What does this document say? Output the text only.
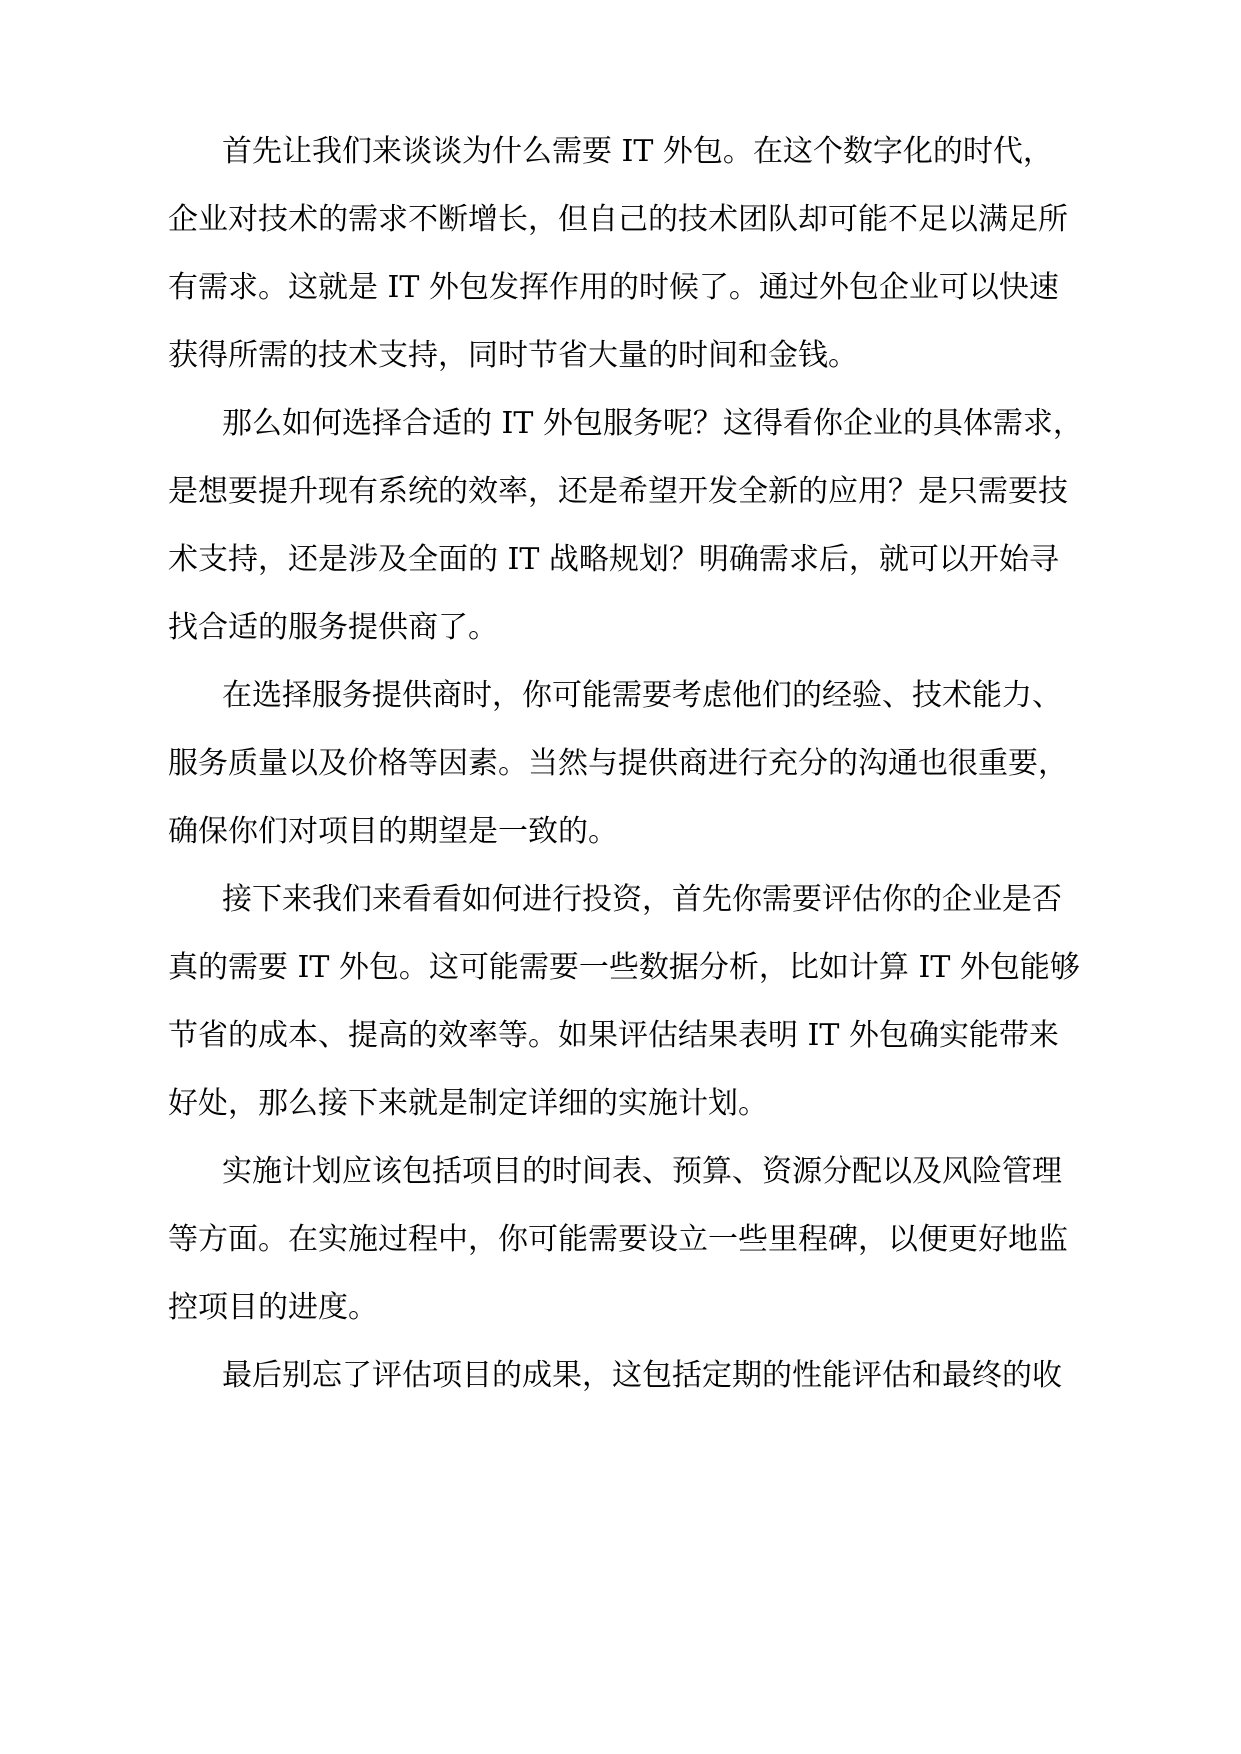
首先让我们来谈谈为什么需要 IT 外包。在这个数字化的时代，
企业对技术的需求不断增长，但自己的技术团队却可能不足以满足所
有需求。这就是 IT 外包发挥作用的时候了。通过外包企业可以快速
获得所需的技术支持，同时节省大量的时间和金钱。
那么如何选择合适的 IT 外包服务呢？这得看你企业的具体需求，
是想要提升现有系统的效率，还是希望开发全新的应用？是只需要技
术支持，还是涉及全面的 IT 战略规划？明确需求后，就可以开始寻
找合适的服务提供商了。
在选择服务提供商时，你可能需要考虑他们的经验、技术能力、
服务质量以及价格等因素。当然与提供商进行充分的沟通也很重要，
确保你们对项目的期望是一致的。
接下来我们来看看如何进行投资，首先你需要评估你的企业是否
真的需要 IT 外包。这可能需要一些数据分析，比如计算 IT 外包能够
节省的成本、提高的效率等。如果评估结果表明 IT 外包确实能带来
好处，那么接下来就是制定详细的实施计划。
实施计划应该包括项目的时间表、预算、资源分配以及风险管理
等方面。在实施过程中，你可能需要设立一些里程碑，以便更好地监
控项目的进度。
最后别忘了评估项目的成果，这包括定期的性能评估和最终的收
